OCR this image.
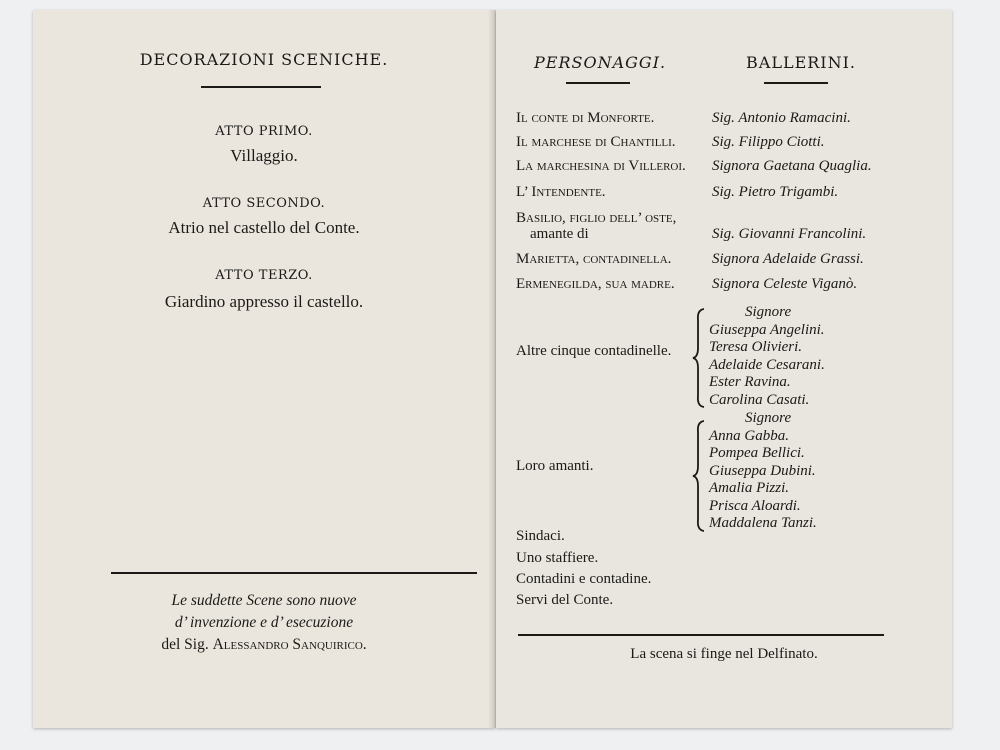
DECORAZIONI SCENICHE.
ATTO PRIMO.
Villaggio.
ATTO SECONDO.
Atrio nel castello del Conte.
ATTO TERZO.
Giardino appresso il castello.
Le suddette Scene sono nuove
d’ invenzione e d’ esecuzione
del Sig. Alessandro Sanquirico.
PERSONAGGI.	BALLERINI.
Il conte di Monforte.	Sig. Antonio Ramacini.
Il marchese di Chantilli. Sig. Filippo Ciotti.
La marchesina di Villeroi. Signora Gaetana Quaglia.
L’ Intendente.	Sig. Pietro Trigambi.
Basilio, figlio dell’ oste,
amante di	Sig. Giovanni Francolini.
Marietta, contadinella.	Signora Adelaide Grassi.
Ermenegilda, sua madre. Signora Celeste Viganò.
Altre cinque contadinelle.
Signore
Giuseppa Angelini.
Teresa Olivieri.
Adelaide Cesarani.
Ester Ravina.
Carolina Casati.
Loro amanti.
Signore
Anna Gabba.
Pompea Bellici.
Giuseppa Dubini.
Amalia Pizzi.
Prisca Aloardi.
Maddalena Tanzi.
Sindaci.
Uno staffiere.
Contadini e contadine.
Servi del Conte.
La scena si finge nel Delfinato.
